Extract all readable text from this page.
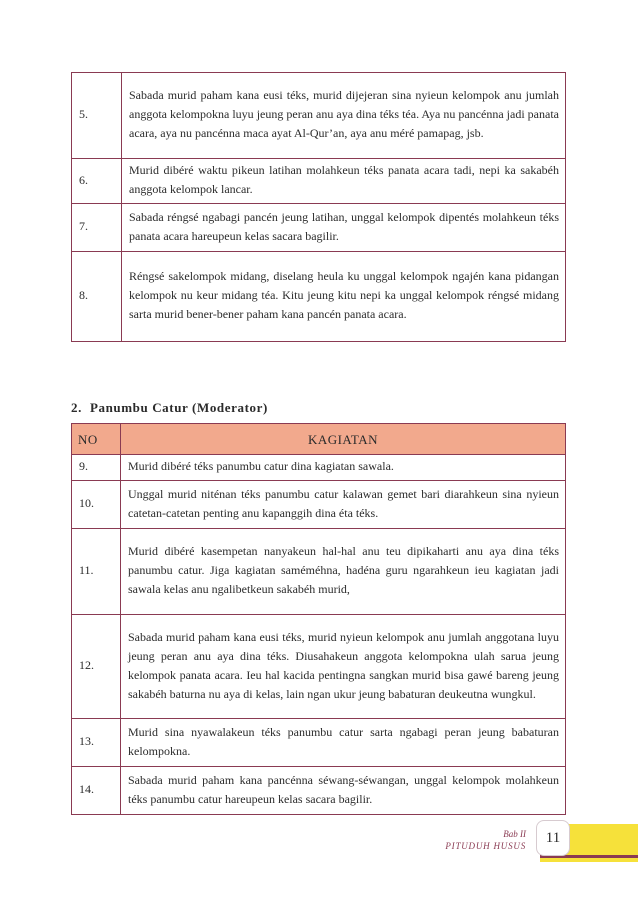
5.	Sabada murid paham kana eusi téks, murid dijejeran sina nyieun kelompok anu jumlah anggota kelompokna luyu jeung peran anu aya dina téks téa. Aya nu pancénna jadi panata acara, aya nu pancénna maca ayat Al-Qur’an, aya anu méré pamapag, jsb.
6.	Murid dibéré waktu pikeun latihan molahkeun téks panata acara tadi, nepi ka sakabéh anggota kelompok lancar.
7.	Sabada réngsé ngabagi pancén jeung latihan, unggal kelompok dipentés molahkeun téks panata acara hareupeun kelas sacara bagilir.
8.	Réngsé sakelompok midang, diselang heula ku unggal kelompok ngajén kana pidangan kelompok nu keur midang téa. Kitu jeung kitu nepi ka unggal kelompok réngsé midang sarta murid bener-bener paham kana pancén panata acara.
2. Panumbu Catur (Moderator)
NO	KAGIATAN
9.	Murid dibéré téks panumbu catur dina kagiatan sawala.
10.	Unggal murid niténan téks panumbu catur kalawan gemet bari diarahkeun sina nyieun catetan-catetan penting anu kapanggih dina éta téks.
11.	Murid dibéré kasempetan nanyakeun hal-hal anu teu dipikaharti anu aya dina téks panumbu catur. Jiga kagiatan saméméhna, hadéna guru ngarahkeun ieu kagiatan jadi sawala kelas anu ngalibetkeun sakabéh murid,
12.	Sabada murid paham kana eusi téks, murid nyieun kelompok anu jumlah anggotana luyu jeung peran anu aya dina téks. Diusahakeun anggota kelompokna ulah sarua jeung kelompok panata acara. Ieu hal kacida pentingna sangkan murid bisa gawé bareng jeung sakabéh baturna nu aya di kelas, lain ngan ukur jeung babaturan deukeutna wungkul.
13.	Murid sina nyawalakeun téks panumbu catur sarta ngabagi peran jeung babaturan kelompokna.
14.	Sabada murid paham kana pancénna séwang-séwangan, unggal kelompok molahkeun téks panumbu catur hareupeun kelas sacara bagilir.
Bab II
PITUDUH HUSUS
11
